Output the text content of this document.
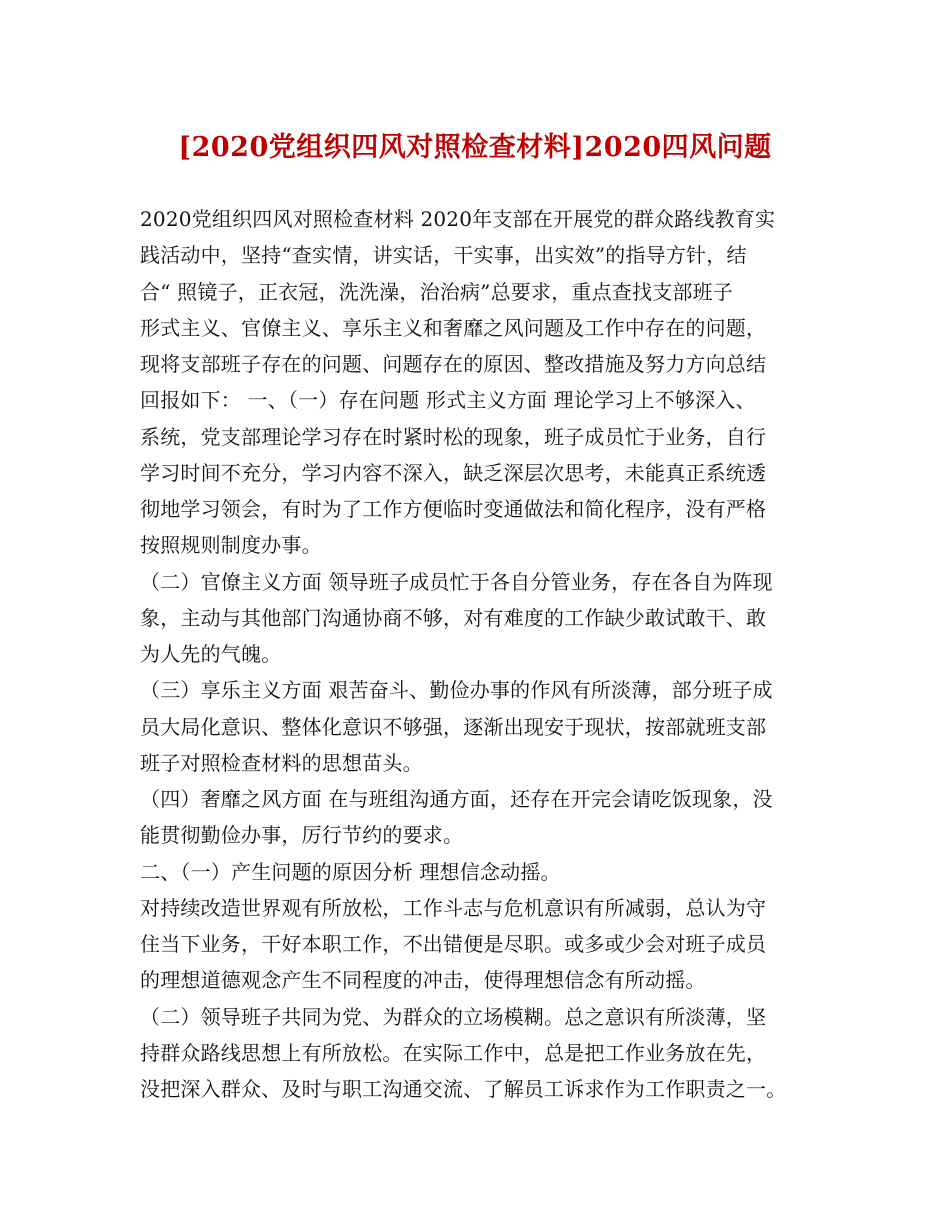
[2020党组织四风对照检查材料]2020四风问题
2020党组织四风对照检查材料 2020年支部在开展党的群众路线教育实
践活动中，坚持“查实情，讲实话，干实事，出实效”的指导方针，结
合“ 照镜子，正衣冠，洗洗澡，治治病”总要求，重点查找支部班子
形式主义、官僚主义、享乐主义和奢靡之风问题及工作中存在的问题，
现将支部班子存在的问题、问题存在的原因、整改措施及努力方向总结
回报如下： 一、（一）存在问题 形式主义方面 理论学习上不够深入、
系统，党支部理论学习存在时紧时松的现象，班子成员忙于业务，自行
学习时间不充分，学习内容不深入，缺乏深层次思考，未能真正系统透
彻地学习领会，有时为了工作方便临时变通做法和简化程序，没有严格
按照规则制度办事。
（二）官僚主义方面 领导班子成员忙于各自分管业务，存在各自为阵现
象，主动与其他部门沟通协商不够，对有难度的工作缺少敢试敢干、敢
为人先的气魄。
（三）享乐主义方面 艰苦奋斗、勤俭办事的作风有所淡薄，部分班子成
员大局化意识、整体化意识不够强，逐渐出现安于现状，按部就班支部
班子对照检查材料的思想苗头。
（四）奢靡之风方面 在与班组沟通方面，还存在开完会请吃饭现象，没
能贯彻勤俭办事，厉行节约的要求。
二、（一）产生问题的原因分析 理想信念动摇。
对持续改造世界观有所放松，工作斗志与危机意识有所减弱，总认为守
住当下业务，干好本职工作，不出错便是尽职。或多或少会对班子成员
的理想道德观念产生不同程度的冲击，使得理想信念有所动摇。
（二）领导班子共同为党、为群众的立场模糊。总之意识有所淡薄，坚
持群众路线思想上有所放松。在实际工作中，总是把工作业务放在先，
没把深入群众、及时与职工沟通交流、了解员工诉求作为工作职责之一。
